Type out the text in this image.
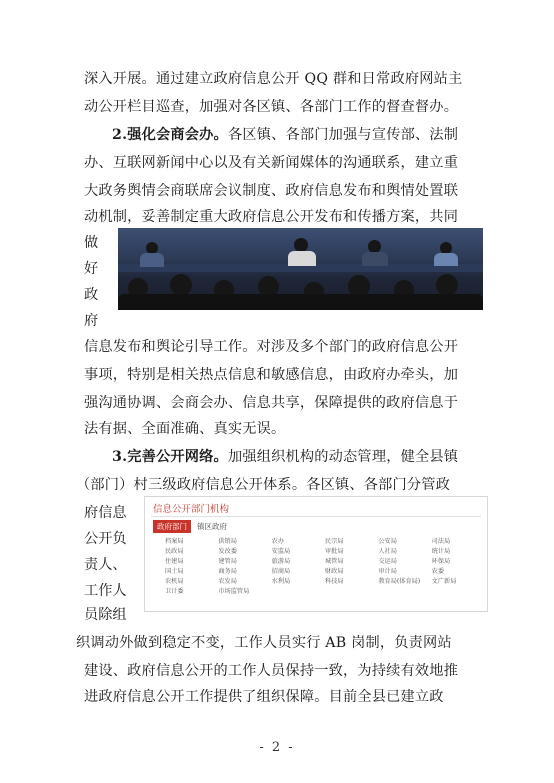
深入开展。通过建立政府信息公开 QQ 群和日常政府网站主
动公开栏目巡查，加强对各区镇、各部门工作的督查督办。
2.强化会商会办。各区镇、各部门加强与宣传部、法制
办、互联网新闻中心以及有关新闻媒体的沟通联系，建立重
大政务舆情会商联席会议制度、政府信息发布和舆情处置联
动机制，妥善制定重大政府信息公开发布和传播方案，共同
做
好
政
府
信息发布和舆论引导工作。对涉及多个部门的政府信息公开
事项，特别是相关热点信息和敏感信息，由政府办牵头，加
强沟通协调、会商会办、信息共享，保障提供的政府信息于
法有据、全面准确、真实无误。
3.完善公开网络。加强组织机构的动态管理，健全县镇
（部门）村三级政府信息公开体系。各区镇、各部门分管政
府信息
公开负
责人、
工作人
员除组
信息公开部门机构
政府部门	镇区政府
档案局	供销局	农办	民宗局	公安局	司法局
民政局	发改委	安监局	审批局	人社局	统计局
住建局	建管局	旅游局	城管局	交运局	环保局
国土局	商务局	招商局	财政局	审计局	农委
农机局	农发局	水利局	科技局	教育局(体育局)	文广新局
卫计委	市场监管局
织调动外做到稳定不变，工作人员实行 AB 岗制，负责网站
建设、政府信息公开的工作人员保持一致，为持续有效地推
进政府信息公开工作提供了组织保障。目前全县已建立政
- 2 -
